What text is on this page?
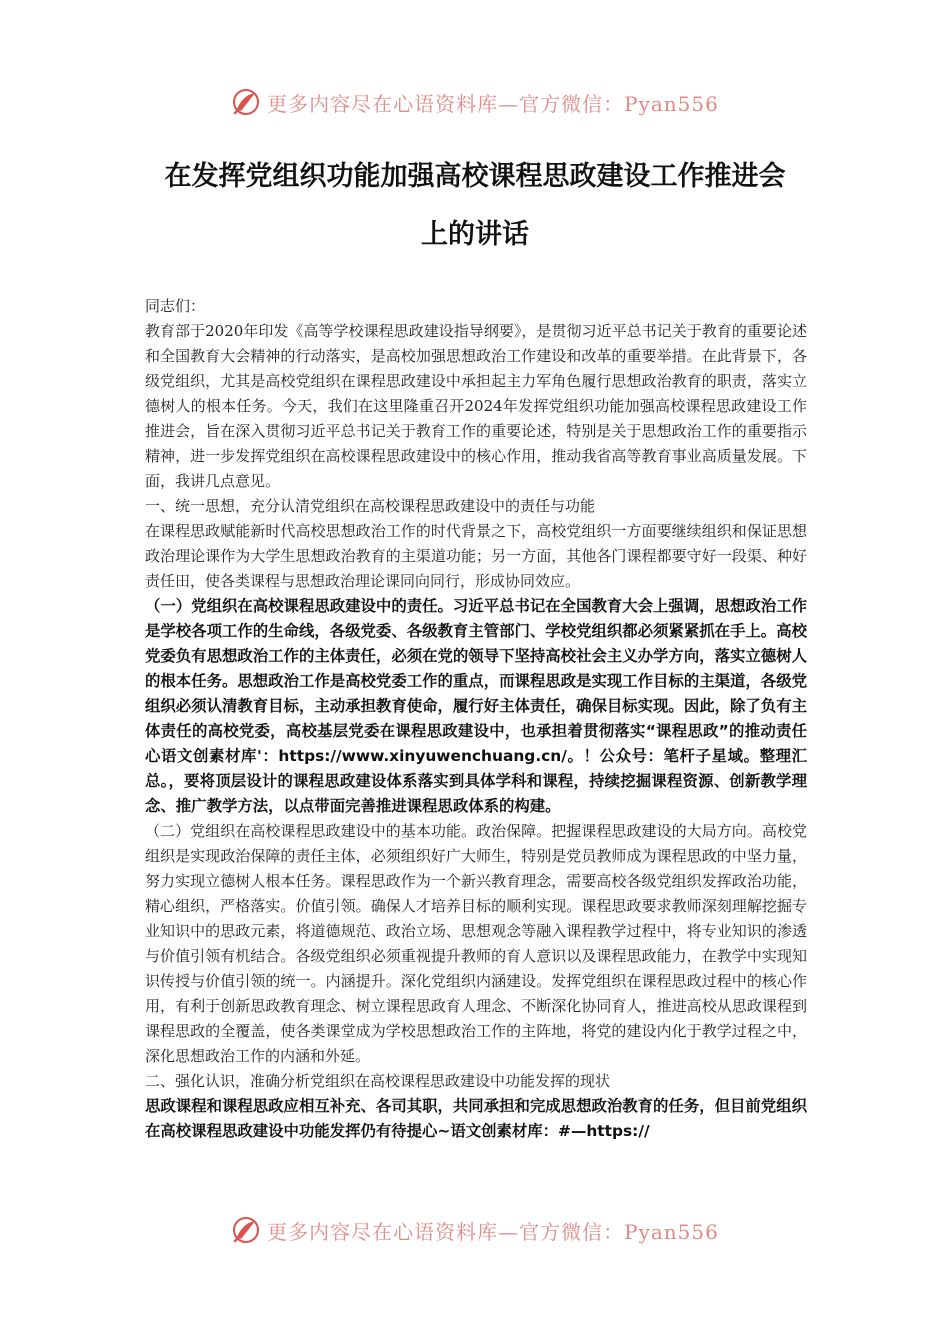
更多内容尽在心语资料库—官方微信：Pyan556
在发挥党组织功能加强高校课程思政建设工作推进会
上的讲话

同志们：

教育部于2020年印发《高等学校课程思政建设指导纲要》，是贯彻习近平总书记关于教育的重要论述和全国教育大会精神的行动落实，是高校加强思想政治工作建设和改革的重要举措。在此背景下，各级党组织，尤其是高校党组织在课程思政建设中承担起主力军角色履行思想政治教育的职责，落实立德树人的根本任务。今天，我们在这里隆重召开2024年发挥党组织功能加强高校课程思政建设工作推进会，旨在深入贯彻习近平总书记关于教育工作的重要论述，特别是关于思想政治工作的重要指示精神，进一步发挥党组织在高校课程思政建设中的核心作用，推动我省高等教育事业高质量发展。下面，我讲几点意见。

一、统一思想，充分认清党组织在高校课程思政建设中的责任与功能

在课程思政赋能新时代高校思想政治工作的时代背景之下，高校党组织一方面要继续组织和保证思想政治理论课作为大学生思想政治教育的主渠道功能；另一方面，其他各门课程都要守好一段渠、种好责任田，使各类课程与思想政治理论课同向同行，形成协同效应。

（一）党组织在高校课程思政建设中的责任。习近平总书记在全国教育大会上强调，思想政治工作是学校各项工作的生命线，各级党委、各级教育主管部门、学校党组织都必须紧紧抓在手上。高校党委负有思想政治工作的主体责任，必须在党的领导下坚持高校社会主义办学方向，落实立德树人的根本任务。思想政治工作是高校党委工作的重点，而课程思政是实现工作目标的主渠道，各级党组织必须认清教育目标，主动承担教育使命，履行好主体责任，确保目标实现。因此，除了负有主体责任的高校党委，高校基层党委在课程思政建设中，也承担着贯彻落实“课程思政”的推动责任心语文创素材库'：https://www.xinyuwenchuang.cn/。！公众号：笔杆子星域。整理汇总。，要将顶层设计的课程思政建设体系落实到具体学科和课程，持续挖掘课程资源、创新教学理念、推广教学方法，以点带面完善推进课程思政体系的构建。

（二）党组织在高校课程思政建设中的基本功能。政治保障。把握课程思政建设的大局方向。高校党组织是实现政治保障的责任主体，必须组织好广大师生，特别是党员教师成为课程思政的中坚力量，努力实现立德树人根本任务。课程思政作为一个新兴教育理念，需要高校各级党组织发挥政治功能，精心组织，严格落实。价值引领。确保人才培养目标的顺利实现。课程思政要求教师深刻理解挖掘专业知识中的思政元素，将道德规范、政治立场、思想观念等融入课程教学过程中，将专业知识的渗透与价值引领有机结合。各级党组织必须重视提升教师的育人意识以及课程思政能力，在教学中实现知识传授与价值引领的统一。内涵提升。深化党组织内涵建设。发挥党组织在课程思政过程中的核心作用，有利于创新思政教育理念、树立课程思政育人理念、不断深化协同育人，推进高校从思政课程到课程思政的全覆盖，使各类课堂成为学校思想政治工作的主阵地，将党的建设内化于教学过程之中，深化思想政治工作的内涵和外延。

二、强化认识，准确分析党组织在高校课程思政建设中功能发挥的现状

思政课程和课程思政应相互补充、各司其职，共同承担和完成思想政治教育的任务，但目前党组织在高校课程思政建设中功能发挥仍有待提心~语文创素材库：#—https://

更多内容尽在心语资料库—官方微信：Pyan556
